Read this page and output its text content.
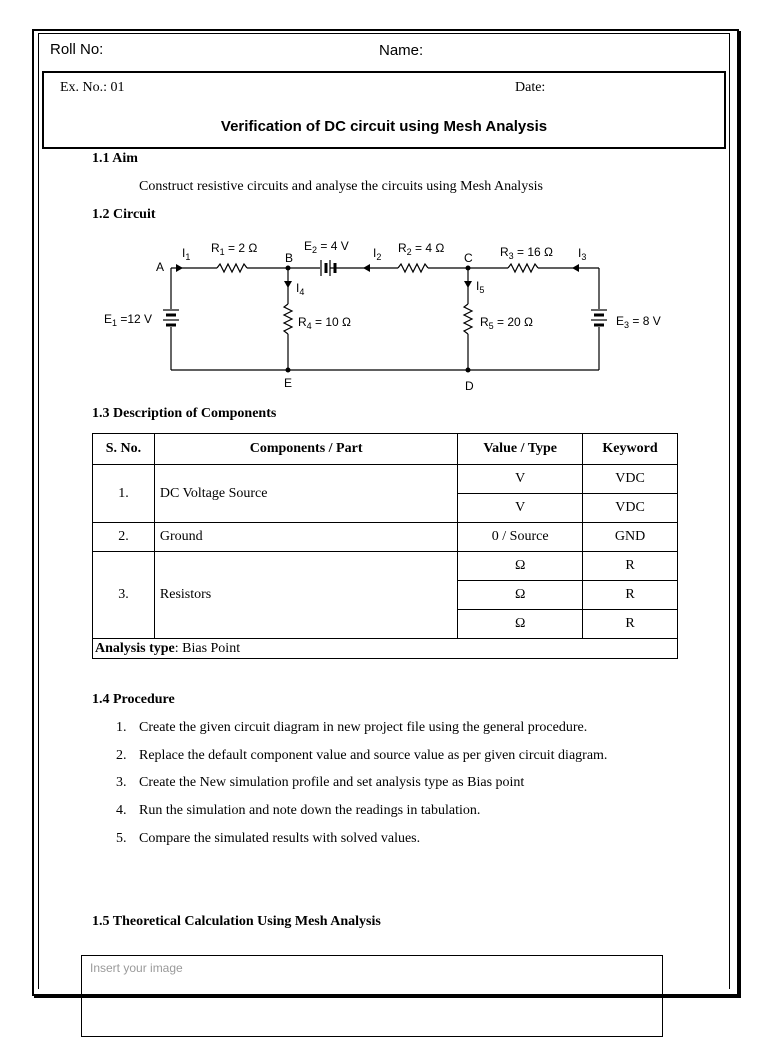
Roll No:	Name:
Ex. No.: 01	Date:
Verification of DC circuit using Mesh Analysis
1.1 Aim
Construct resistive circuits and analyse the circuits using Mesh Analysis
1.2 Circuit
A
B	C
D
E
$I_1$	$I_2$	$I_3$
$I_4$	$I_5$
$R_1 = 2$ Ω	$E_2 = 4$ V	$R_2 = 4$ Ω	$R_3 = 16$ Ω
$E_1 =12$ V	$R_4 = 10$ Ω	$R_5 = 20$ Ω	$E_3 = 8$ V
1.3 Description of Components
S. No.	Components / Part	Value / Type	Keyword
1.	DC Voltage Source	V	VDC
		V	VDC
2.	Ground	0 / Source	GND
3.	Resistors	Ω	R
		Ω	R
		Ω	R
Analysis type: Bias Point			
1.4 Procedure
1. Create the given circuit diagram in new project file using the general procedure.
2. Replace the default component value and source value as per given circuit diagram.
3. Create the New simulation profile and set analysis type as Bias point
4. Run the simulation and note down the readings in tabulation.
5. Compare the simulated results with solved values.
1.5 Theoretical Calculation Using Mesh Analysis
Insert your image
